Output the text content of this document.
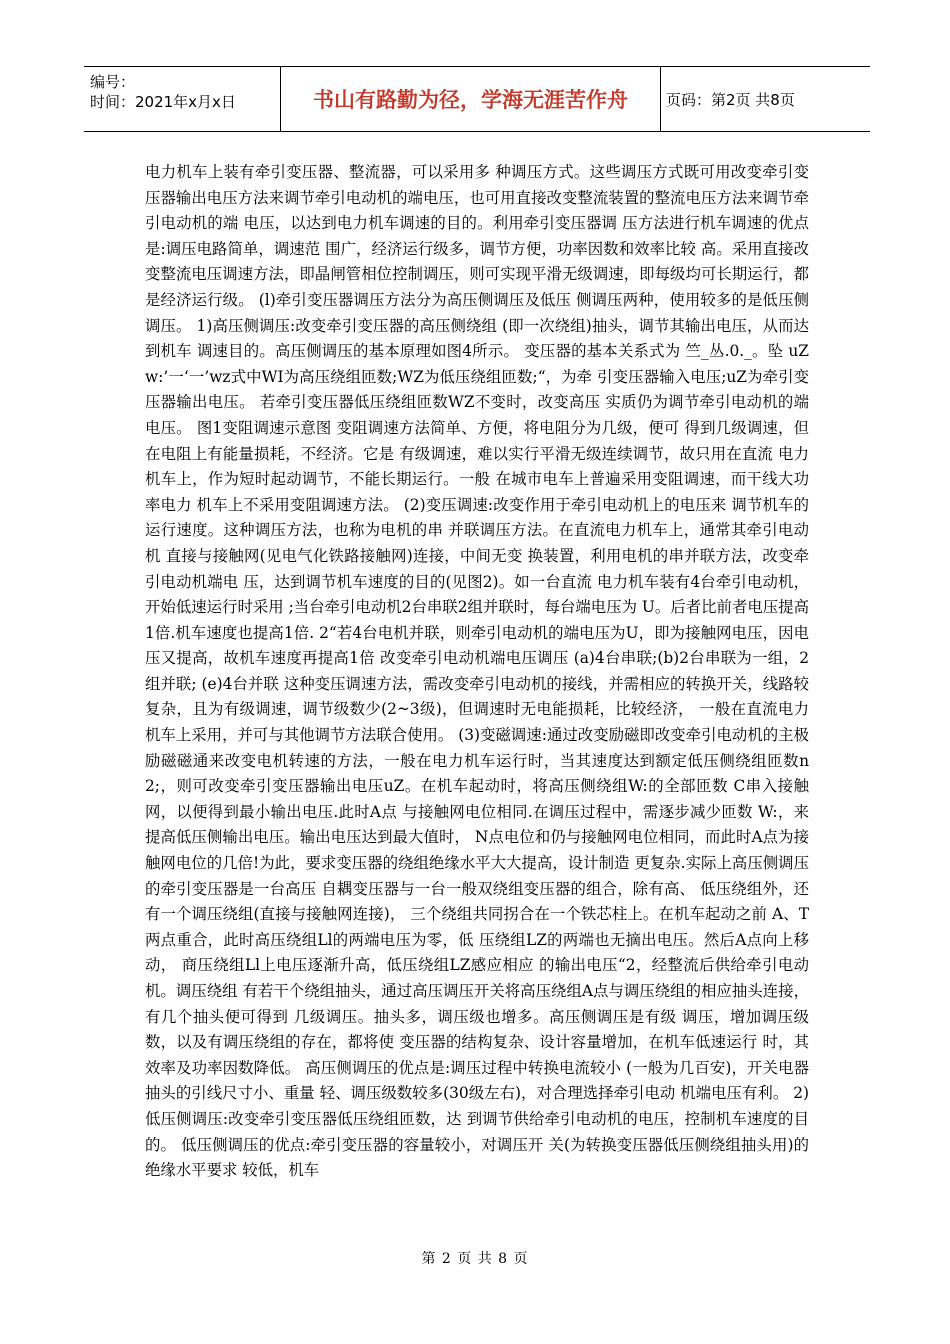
编号：
时间：2021年x月x日	书山有路勤为径，学海无涯苦作舟	页码：第2页 共8页
电力机车上装有牵引变压器、整流器，可以采用多 种调压方式。这些调压方式既可用改变牵引变压器输出电压方法来调节牵引电动机的端电压，也可用直接改变整流装置的整流电压方法来调节牵引电动机的端 电压，以达到电力机车调速的目的。利用牵引变压器调 压方法进行机车调速的优点是:调压电路简单，调速范 围广，经济运行级多，调节方便，功率因数和效率比较 高。采用直接改变整流电压调速方法，即晶闸管相位控制调压，则可实现平滑无级调速，即每级均可长期运行，都是经济运行级。 (l)牵引变压器调压方法分为高压侧调压及低压 侧调压两种，使用较多的是低压侧调压。 1)高压侧调压:改变牵引变压器的高压侧绕组 (即一次绕组)抽头，调节其输出电压，从而达到机车 调速目的。高压侧调压的基本原理如图4所示。 变压器的基本关系式为 竺_丛.0._。坠 uZw:’一‘一’wz式中WI为高压绕组匝数;WZ为低压绕组匝数;“，为牵 引变压器输入电压;uZ为牵引变压器输出电压。 若牵引变压器低压绕组匝数WZ不变时，改变高压 实质仍为调节牵引电动机的端电压。 图1变阻调速示意图 变阻调速方法简单、方便，将电阻分为几级，便可 得到几级调速，但在电阻上有能量损耗，不经济。它是 有级调速，难以实行平滑无级连续调节，故只用在直流 电力机车上，作为短时起动调节，不能长期运行。一般 在城市电车上普遍采用变阻调速，而干线大功率电力 机车上不采用变阻调速方法。 (2)变压调速:改变作用于牵引电动机上的电压来 调节机车的运行速度。这种调压方法，也称为电机的串 并联调压方法。在直流电力机车上，通常其牵引电动机 直接与接触网(见电气化铁路接触网)连接，中间无变 换装置，利用电机的串并联方法，改变牵引电动机端电 压，达到调节机车速度的目的(见图2)。如一台直流 电力机车装有4台牵引电动机，开始低速运行时采用 ;当台牵引电动机2台串联2组并联时，每台端电压为 U。后者比前者电压提高1倍.机车速度也提高1倍. 2“若4台电机并联，则牵引电动机的端电压为U，即为接触网电压，因电压又提高，故机车速度再提高1倍 改变牵引电动机端电压调压 (a)4台串联;(b)2台串联为一组，2组并联; (e)4台并联 这种变压调速方法，需改变牵引电动机的接线，并需相应的转换开关，线路较复杂，且为有级调速，调节级数少(2~3级)，但调速时无电能损耗，比较经济， 一般在直流电力机车上采用，并可与其他调节方法联合使用。 (3)变磁调速:通过改变励磁即改变牵引电动机的主极励磁磁通来改变电机转速的方法，一般在电力机车运行时，当其速度达到额定低压侧绕组匝数n2;，则可改变牵引变压器输出电压uZ。在机车起动时，将高压侧绕组W:的全部匝数 C串入接触网，以便得到最小输出电压.此时A点 与接触网电位相同.在调压过程中，需逐步减少匝数 W:，来提高低压侧输出电压。输出电压达到最大值时， N点电位和仍与接触网电位相同，而此时A点为接触网电位的几倍!为此，要求变压器的绕组绝缘水平大大提高，设计制造 更复杂.实际上高压侧调压的牵引变压器是一台高压 自耦变压器与一台一般双绕组变压器的组合，除有高、 低压绕组外，还有一个调压绕组(直接与接触网连接)， 三个绕组共同拐合在一个铁芯柱上。在机车起动之前 A、T两点重合，此时高压绕组Ll的两端电压为零，低 压绕组LZ的两端也无摘出电压。然后A点向上移动， 商压绕组Ll上电压逐渐升高，低压绕组LZ感应相应 的输出电压“2，经整流后供给牵引电动机。调压绕组 有若干个绕组抽头，通过高压调压开关将高压绕组A点与调压绕组的相应抽头连接，有几个抽头便可得到 几级调压。抽头多，调压级也增多。高压侧调压是有级 调压，增加调压级数，以及有调压绕组的存在，都将使 变压器的结构复杂、设计容量增加，在机车低速运行 时，其效率及功率因数降低。 高压侧调压的优点是:调压过程中转换电流较小 (一般为几百安)，开关电器抽头的引线尺寸小、重量 轻、调压级数较多(30级左右)，对合理选择牵引电动 机端电压有利。 2)低压侧调压:改变牵引变压器低压绕组匝数，达 到调节供给牵引电动机的电压，控制机车速度的目的。 低压侧调压的优点:牵引变压器的容量较小，对调压开 关(为转换变压器低压侧绕组抽头用)的绝缘水平要求 较低，机车
第 2 页 共 8 页
